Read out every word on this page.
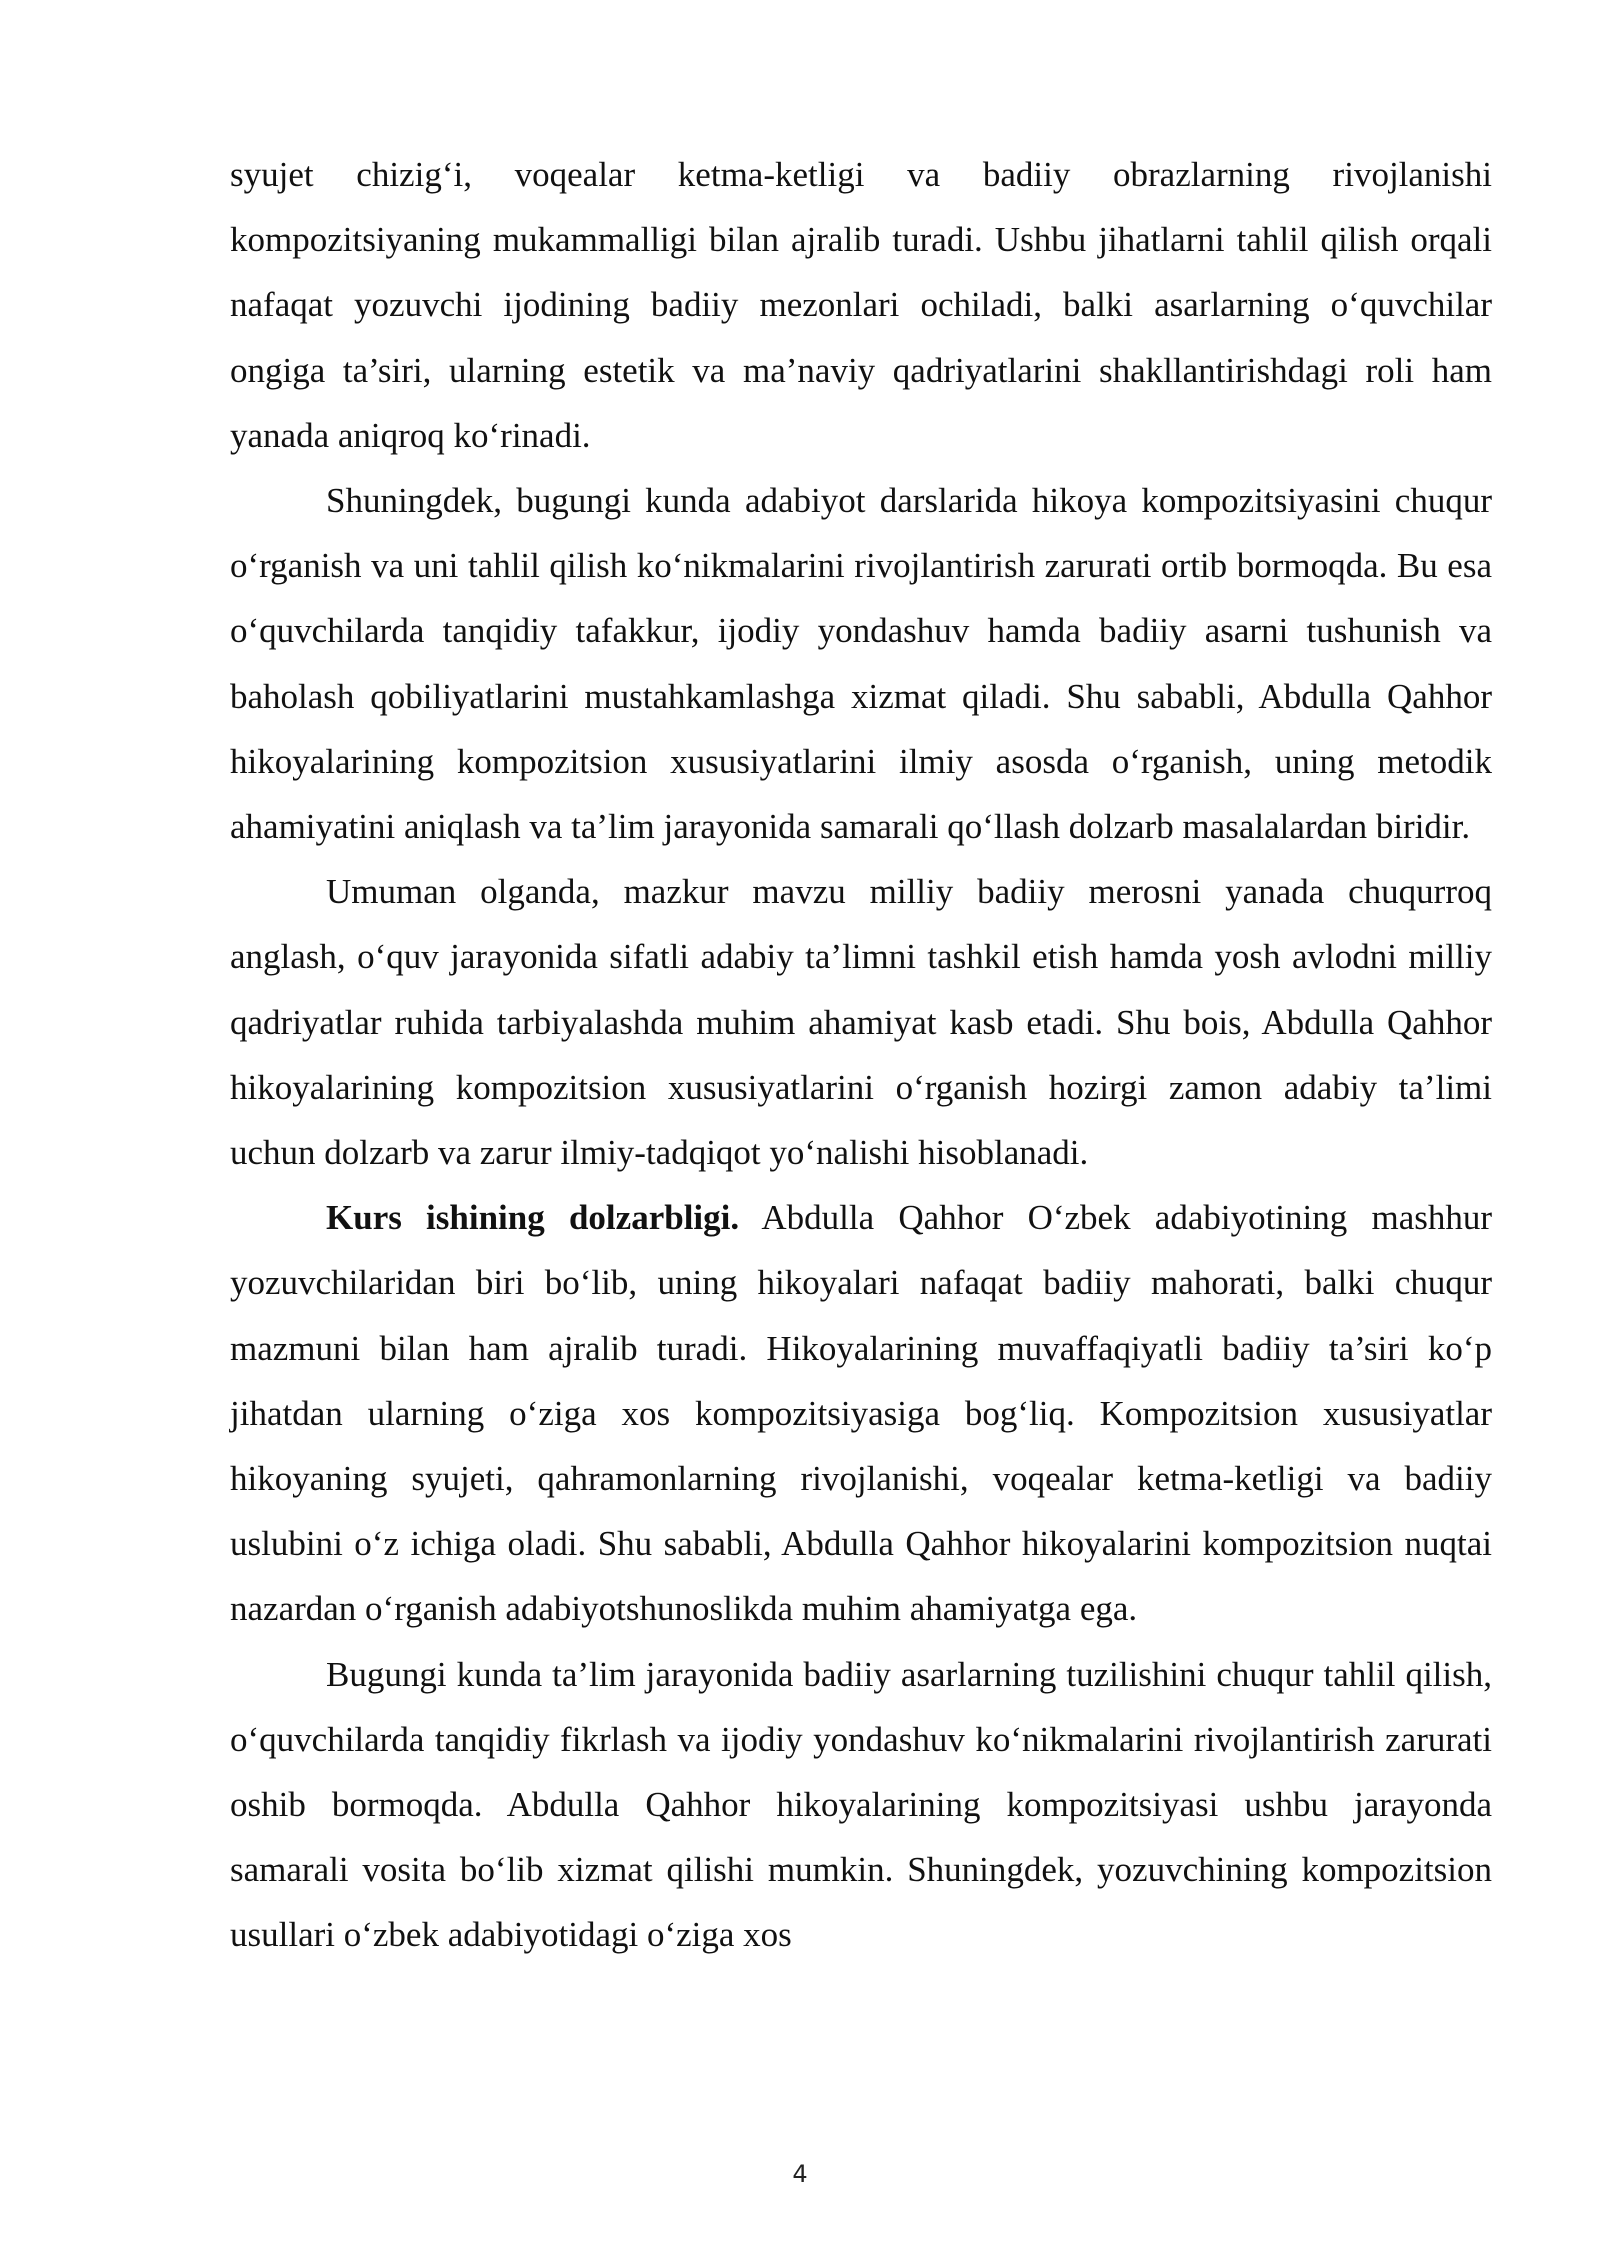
syujet chizig‘i, voqealar ketma-ketligi va badiiy obrazlarning rivojlanishi kompozitsiyaning mukammalligi bilan ajralib turadi. Ushbu jihatlarni tahlil qilish orqali nafaqat yozuvchi ijodining badiiy mezonlari ochiladi, balki asarlarning o‘quvchilar ongiga ta’siri, ularning estetik va ma’naviy qadriyatlarini shakllantirishdagi roli ham yanada aniqroq ko‘rinadi.

Shuningdek, bugungi kunda adabiyot darslarida hikoya kompozitsiyasini chuqur o‘rganish va uni tahlil qilish ko‘nikmalarini rivojlantirish zarurati ortib bormoqda. Bu esa o‘quvchilarda tanqidiy tafakkur, ijodiy yondashuv hamda badiiy asarni tushunish va baholash qobiliyatlarini mustahkamlashga xizmat qiladi. Shu sababli, Abdulla Qahhor hikoyalarining kompozitsion xususiyatlarini ilmiy asosda o‘rganish, uning metodik ahamiyatini aniqlash va ta’lim jarayonida samarali qo‘llash dolzarb masalalardan biridir.

Umuman olganda, mazkur mavzu milliy badiiy merosni yanada chuqurroq anglash, o‘quv jarayonida sifatli adabiy ta’limni tashkil etish hamda yosh avlodni milliy qadriyatlar ruhida tarbiyalashda muhim ahamiyat kasb etadi. Shu bois, Abdulla Qahhor hikoyalarining kompozitsion xususiyatlarini o‘rganish hozirgi zamon adabiy ta’limi uchun dolzarb va zarur ilmiy-tadqiqot yo‘nalishi hisoblanadi.

Kurs ishining dolzarbligi. Abdulla Qahhor O‘zbek adabiyotining mashhur yozuvchilaridan biri bo‘lib, uning hikoyalari nafaqat badiiy mahorati, balki chuqur mazmuni bilan ham ajralib turadi. Hikoyalarining muvaffaqiyatli badiiy ta’siri ko‘p jihatdan ularning o‘ziga xos kompozitsiyasiga bog‘liq. Kompozitsion xususiyatlar hikoyaning syujeti, qahramonlarning rivojlanishi, voqealar ketma-ketligi va badiiy uslubini o‘z ichiga oladi. Shu sababli, Abdulla Qahhor hikoyalarini kompozitsion nuqtai nazardan o‘rganish adabiyotshunoslikda muhim ahamiyatga ega.

Bugungi kunda ta’lim jarayonida badiiy asarlarning tuzilishini chuqur tahlil qilish, o‘quvchilarda tanqidiy fikrlash va ijodiy yondashuv ko‘nikmalarini rivojlantirish zarurati oshib bormoqda. Abdulla Qahhor hikoyalarining kompozitsiyasi ushbu jarayonda samarali vosita bo‘lib xizmat qilishi mumkin. Shuningdek, yozuvchining kompozitsion usullari o‘zbek adabiyotidagi o‘ziga xos

4
